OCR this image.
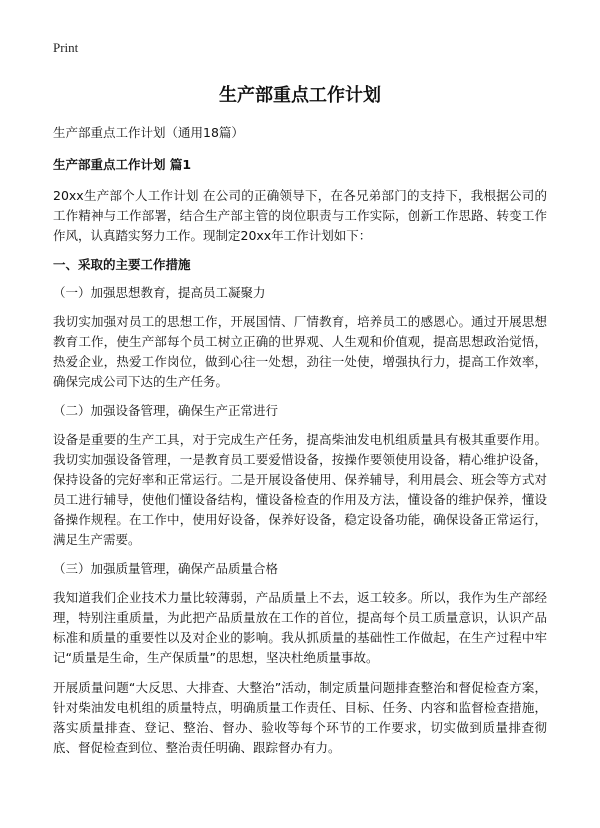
Print
生产部重点工作计划

生产部重点工作计划（通用18篇）

生产部重点工作计划 篇1

20xx生产部个人工作计划 在公司的正确领导下，在各兄弟部门的支持下，我根据公司的工作精神与工作部署，结合生产部主管的岗位职责与工作实际，创新工作思路、转变工作作风，认真踏实努力工作。现制定20xx年工作计划如下：

一、采取的主要工作措施

（一）加强思想教育，提高员工凝聚力

我切实加强对员工的思想工作，开展国情、厂情教育，培养员工的感恩心。通过开展思想教育工作，使生产部每个员工树立正确的世界观、人生观和价值观，提高思想政治觉悟，热爱企业，热爱工作岗位，做到心往一处想，劲往一处使，增强执行力，提高工作效率，确保完成公司下达的生产任务。

（二）加强设备管理，确保生产正常进行

设备是重要的生产工具，对于完成生产任务，提高柴油发电机组质量具有极其重要作用。我切实加强设备管理，一是教育员工要爱惜设备，按操作要领使用设备，精心维护设备，保持设备的完好率和正常运行。二是开展设备使用、保养辅导，利用晨会、班会等方式对员工进行辅导，使他们懂设备结构，懂设备检查的作用及方法，懂设备的维护保养，懂设备操作规程。在工作中，使用好设备，保养好设备，稳定设备功能，确保设备正常运行，满足生产需要。

（三）加强质量管理，确保产品质量合格

我知道我们企业技术力量比较薄弱，产品质量上不去，返工较多。所以，我作为生产部经理，特别注重质量，为此把产品质量放在工作的首位，提高每个员工质量意识，认识产品标准和质量的重要性以及对企业的影响。我从抓质量的基础性工作做起，在生产过程中牢记“质量是生命，生产保质量”的思想，坚决杜绝质量事故。

开展质量问题“大反思、大排查、大整治”活动，制定质量问题排查整治和督促检查方案，针对柴油发电机组的质量特点，明确质量工作责任、目标、任务、内容和监督检查措施，落实质量排查、登记、整治、督办、验收等每个环节的工作要求，切实做到质量排查彻底、督促检查到位、整治责任明确、跟踪督办有力。
